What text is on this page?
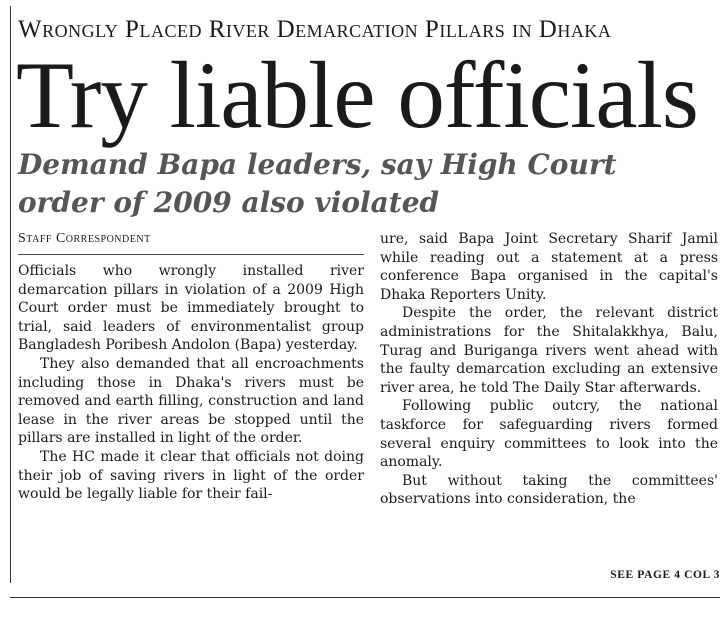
Wrongly Placed River Demarcation Pillars in Dhaka
Try liable officials
Demand Bapa leaders, say High Court order of 2009 also violated
Staff Correspondent

Officials who wrongly installed river demarcation pillars in violation of a 2009 High Court order must be immediately brought to trial, said leaders of environmentalist group Bangladesh Poribesh Andolon (Bapa) yesterday.

They also demanded that all encroachments including those in Dhaka's rivers must be removed and earth filling, construction and land lease in the river areas be stopped until the pillars are installed in light of the order.

The HC made it clear that officials not doing their job of saving rivers in light of the order would be legally liable for their fail-

ure, said Bapa Joint Secretary Sharif Jamil while reading out a statement at a press conference Bapa organised in the capital's Dhaka Reporters Unity.

Despite the order, the relevant district administrations for the Shitalakkhya, Balu, Turag and Buriganga rivers went ahead with the faulty demarcation excluding an extensive river area, he told The Daily Star afterwards.

Following public outcry, the national taskforce for safeguarding rivers formed several enquiry committees to look into the anomaly.

But without taking the committees' observations into consideration, the

SEE PAGE 4 COL 3
